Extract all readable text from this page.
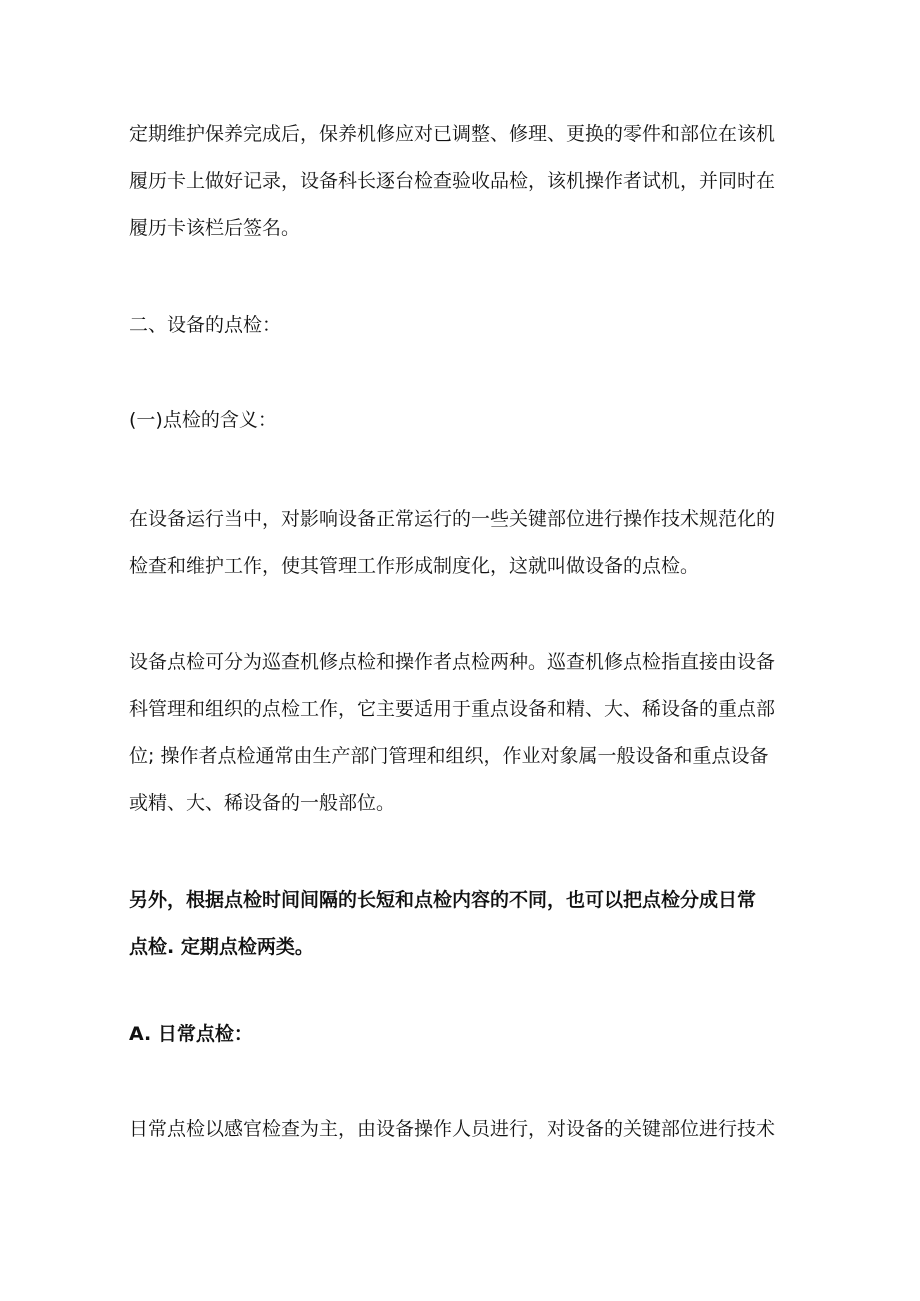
定期维护保养完成后，保养机修应对已调整、修理、更换的零件和部位在该机
履历卡上做好记录，设备科长逐台检查验收品检，该机操作者试机，并同时在
履历卡该栏后签名。

二、设备的点检：

(一)点检的含义：

在设备运行当中，对影响设备正常运行的一些关键部位进行操作技术规范化的
检查和维护工作，使其管理工作形成制度化，这就叫做设备的点检。

设备点检可分为巡查机修点检和操作者点检两种。巡查机修点检指直接由设备
科管理和组织的点检工作，它主要适用于重点设备和精、大、稀设备的重点部
位; 操作者点检通常由生产部门管理和组织，作业对象属一般设备和重点设备
或精、大、稀设备的一般部位。

另外，根据点检时间间隔的长短和点检内容的不同，也可以把点检分成日常
点检. 定期点检两类。

A. 日常点检：

日常点检以感官检查为主，由设备操作人员进行，对设备的关键部位进行技术
